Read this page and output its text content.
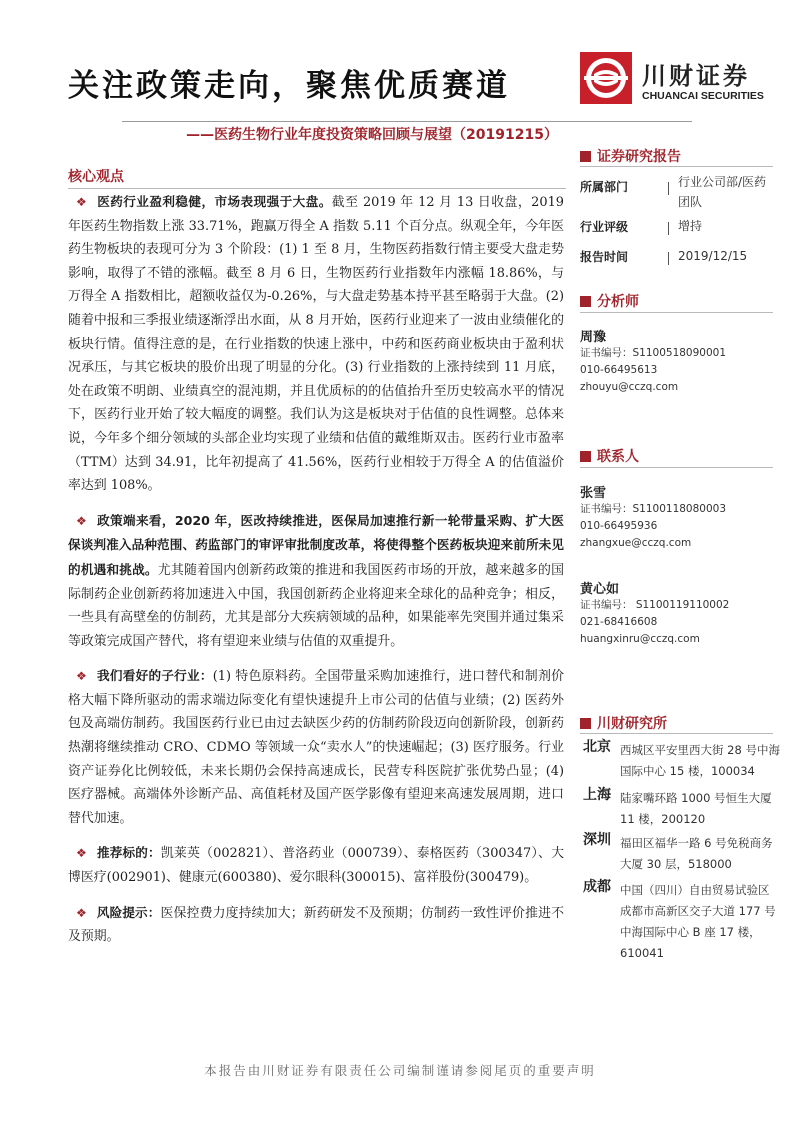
关注政策走向，聚焦优质赛道	川财证券
CHUANCAI SECURITIES
——医药生物行业年度投资策略回顾与展望（20191215）
核心观点

❖ 医药行业盈利稳健，市场表现强于大盘。截至 2019 年 12 月 13 日收盘，2019 年医药生物指数上涨 33.71%，跑赢万得全 A 指数 5.11 个百分点。纵观全年，今年医药生物板块的表现可分为 3 个阶段：(1) 1 至 8 月，生物医药指数行情主要受大盘走势影响，取得了不错的涨幅。截至 8 月 6 日，生物医药行业指数年内涨幅 18.86%，与万得全 A 指数相比，超额收益仅为-0.26%，与大盘走势基本持平甚至略弱于大盘。(2) 随着中报和三季报业绩逐渐浮出水面，从 8 月开始，医药行业迎来了一波由业绩催化的板块行情。值得注意的是，在行业指数的快速上涨中，中药和医药商业板块由于盈利状况承压，与其它板块的股价出现了明显的分化。(3) 行业指数的上涨持续到 11 月底，处在政策不明朗、业绩真空的混沌期，并且优质标的的估值抬升至历史较高水平的情况下，医药行业开始了较大幅度的调整。我们认为这是板块对于估值的良性调整。总体来说，今年多个细分领域的头部企业均实现了业绩和估值的戴维斯双击。医药行业市盈率（TTM）达到 34.91，比年初提高了 41.56%，医药行业相较于万得全 A 的估值溢价率达到 108%。

❖ 政策端来看，2020 年，医改持续推进，医保局加速推行新一轮带量采购、扩大医保谈判准入品种范围、药监部门的审评审批制度改革，将使得整个医药板块迎来前所未见的机遇和挑战。尤其随着国内创新药政策的推进和我国医药市场的开放，越来越多的国际制药企业创新药将加速进入中国，我国创新药企业将迎来全球化的品种竞争；相反，一些具有高壁垒的仿制药，尤其是部分大疾病领域的品种，如果能率先突围并通过集采等政策完成国产替代，将有望迎来业绩与估值的双重提升。

❖ 我们看好的子行业：(1) 特色原料药。全国带量采购加速推行，进口替代和制剂价格大幅下降所驱动的需求端边际变化有望快速提升上市公司的估值与业绩；(2) 医药外包及高端仿制药。我国医药行业已由过去缺医少药的仿制药阶段迈向创新阶段，创新药热潮将继续推动 CRO、CDMO 等领域一众“卖水人”的快速崛起；(3) 医疗服务。行业资产证券化比例较低，未来长期仍会保持高速成长，民营专科医院扩张优势凸显；(4) 医疗器械。高端体外诊断产品、高值耗材及国产医学影像有望迎来高速发展周期，进口替代加速。

❖ 推荐标的：凯莱英（002821）、普洛药业（000739）、泰格医药（300347）、大博医疗(002901)、健康元(600380)、爱尔眼科(300015)、富祥股份(300479)。

❖ 风险提示：医保控费力度持续加大；新药研发不及预期；仿制药一致性评价推进不及预期。

证券研究报告
所属部门	行业公司部/医药团队
行业评级	增持
报告时间	2019/12/15
分析师
周豫
证书编号：S1100518090001
010-66495613
zhouyu@cczq.com
联系人
张雪
证书编号：S1100118080003
010-66495936
zhangxue@cczq.com
黄心如
证书编号： S1100119110002
021-68416608
huangxinru@cczq.com
川财研究所
北京 西城区平安里西大街 28 号中海国际中心 15 楼，100034
上海 陆家嘴环路 1000 号恒生大厦 11 楼，200120
深圳 福田区福华一路 6 号免税商务大厦 30 层，518000
成都 中国（四川）自由贸易试验区成都市高新区交子大道 177 号中海国际中心 B 座 17 楼，610041
本报告由川财证券有限责任公司编制谨请参阅尾页的重要声明
